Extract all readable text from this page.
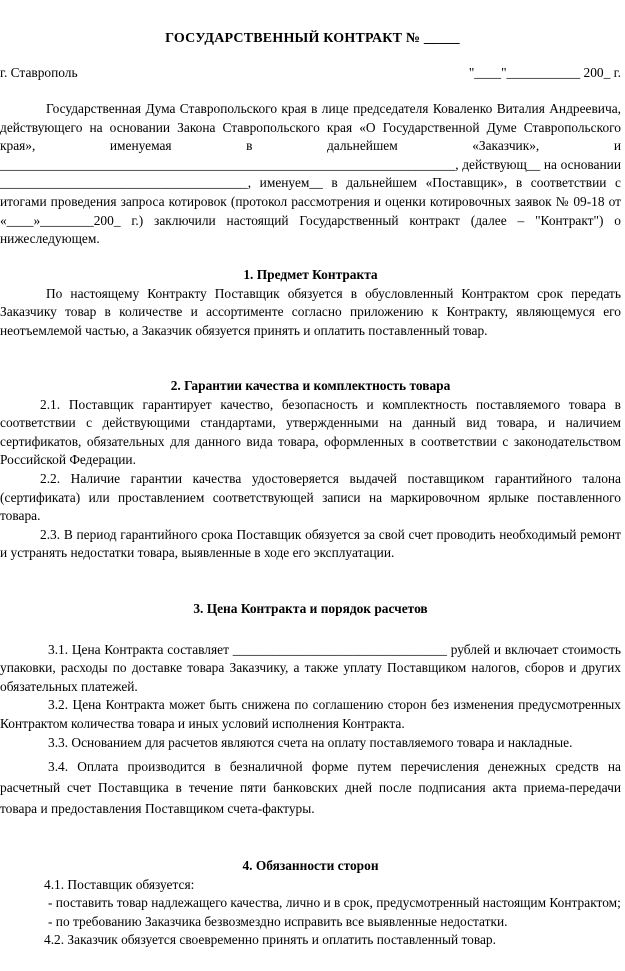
ГОСУДАРСТВЕННЫЙ КОНТРАКТ № _____
г. Ставрополь	"____"___________ 200_ г.

Государственная Дума Ставропольского края в лице председателя Коваленко Виталия Андреевича, действующего на основании Закона Ставропольского края «О Государственной Думе Ставропольского края», именуемая в дальнейшем «Заказчик», и ____________________________________________________________________, действующ__ на основании _____________________________________, именуем__ в дальнейшем «Поставщик», в соответствии с итогами проведения запроса котировок (протокол рассмотрения и оценки котировочных заявок № 09-18 от «____»________200_ г.) заключили настоящий Государственный контракт (далее – "Контракт") о нижеследующем.

1. Предмет Контракта

По настоящему Контракту Поставщик обязуется в обусловленный Контрактом срок передать Заказчику товар в количестве и ассортименте согласно приложению к Контракту, являющемуся его неотъемлемой частью, а Заказчик обязуется принять и оплатить поставленный товар.

2. Гарантии качества и комплектность товара

2.1. Поставщик гарантирует качество, безопасность и комплектность поставляемого товара в соответствии с действующими стандартами, утвержденными на данный вид товара, и наличием сертификатов, обязательных для данного вида товара, оформленных в соответствии с законодательством Российской Федерации.

2.2. Наличие гарантии качества удостоверяется выдачей поставщиком гарантийного талона (сертификата) или проставлением соответствующей записи на маркировочном ярлыке поставленного товара.

2.3. В период гарантийного срока Поставщик обязуется за свой счет проводить необходимый ремонт и устранять недостатки товара, выявленные в ходе его эксплуатации.

3. Цена Контракта и порядок расчетов

3.1. Цена Контракта составляет ________________________________ рублей и включает стоимость упаковки, расходы по доставке товара Заказчику, а также уплату Поставщиком налогов, сборов и других обязательных платежей.

3.2. Цена Контракта может быть снижена по соглашению сторон без изменения предусмотренных Контрактом количества товара и иных условий исполнения Контракта.

3.3. Основанием для расчетов являются счета на оплату поставляемого товара и накладные.

3.4. Оплата производится в безналичной форме путем перечисления денежных средств на расчетный счет Поставщика в течение пяти банковских дней после подписания акта приема-передачи товара и предоставления Поставщиком счета-фактуры.

4. Обязанности сторон

4.1. Поставщик обязуется:

- поставить товар надлежащего качества, лично и в срок, предусмотренный настоящим Контрактом;

- по требованию Заказчика безвозмездно исправить все выявленные недостатки.

4.2. Заказчик обязуется своевременно принять и оплатить поставленный товар.
